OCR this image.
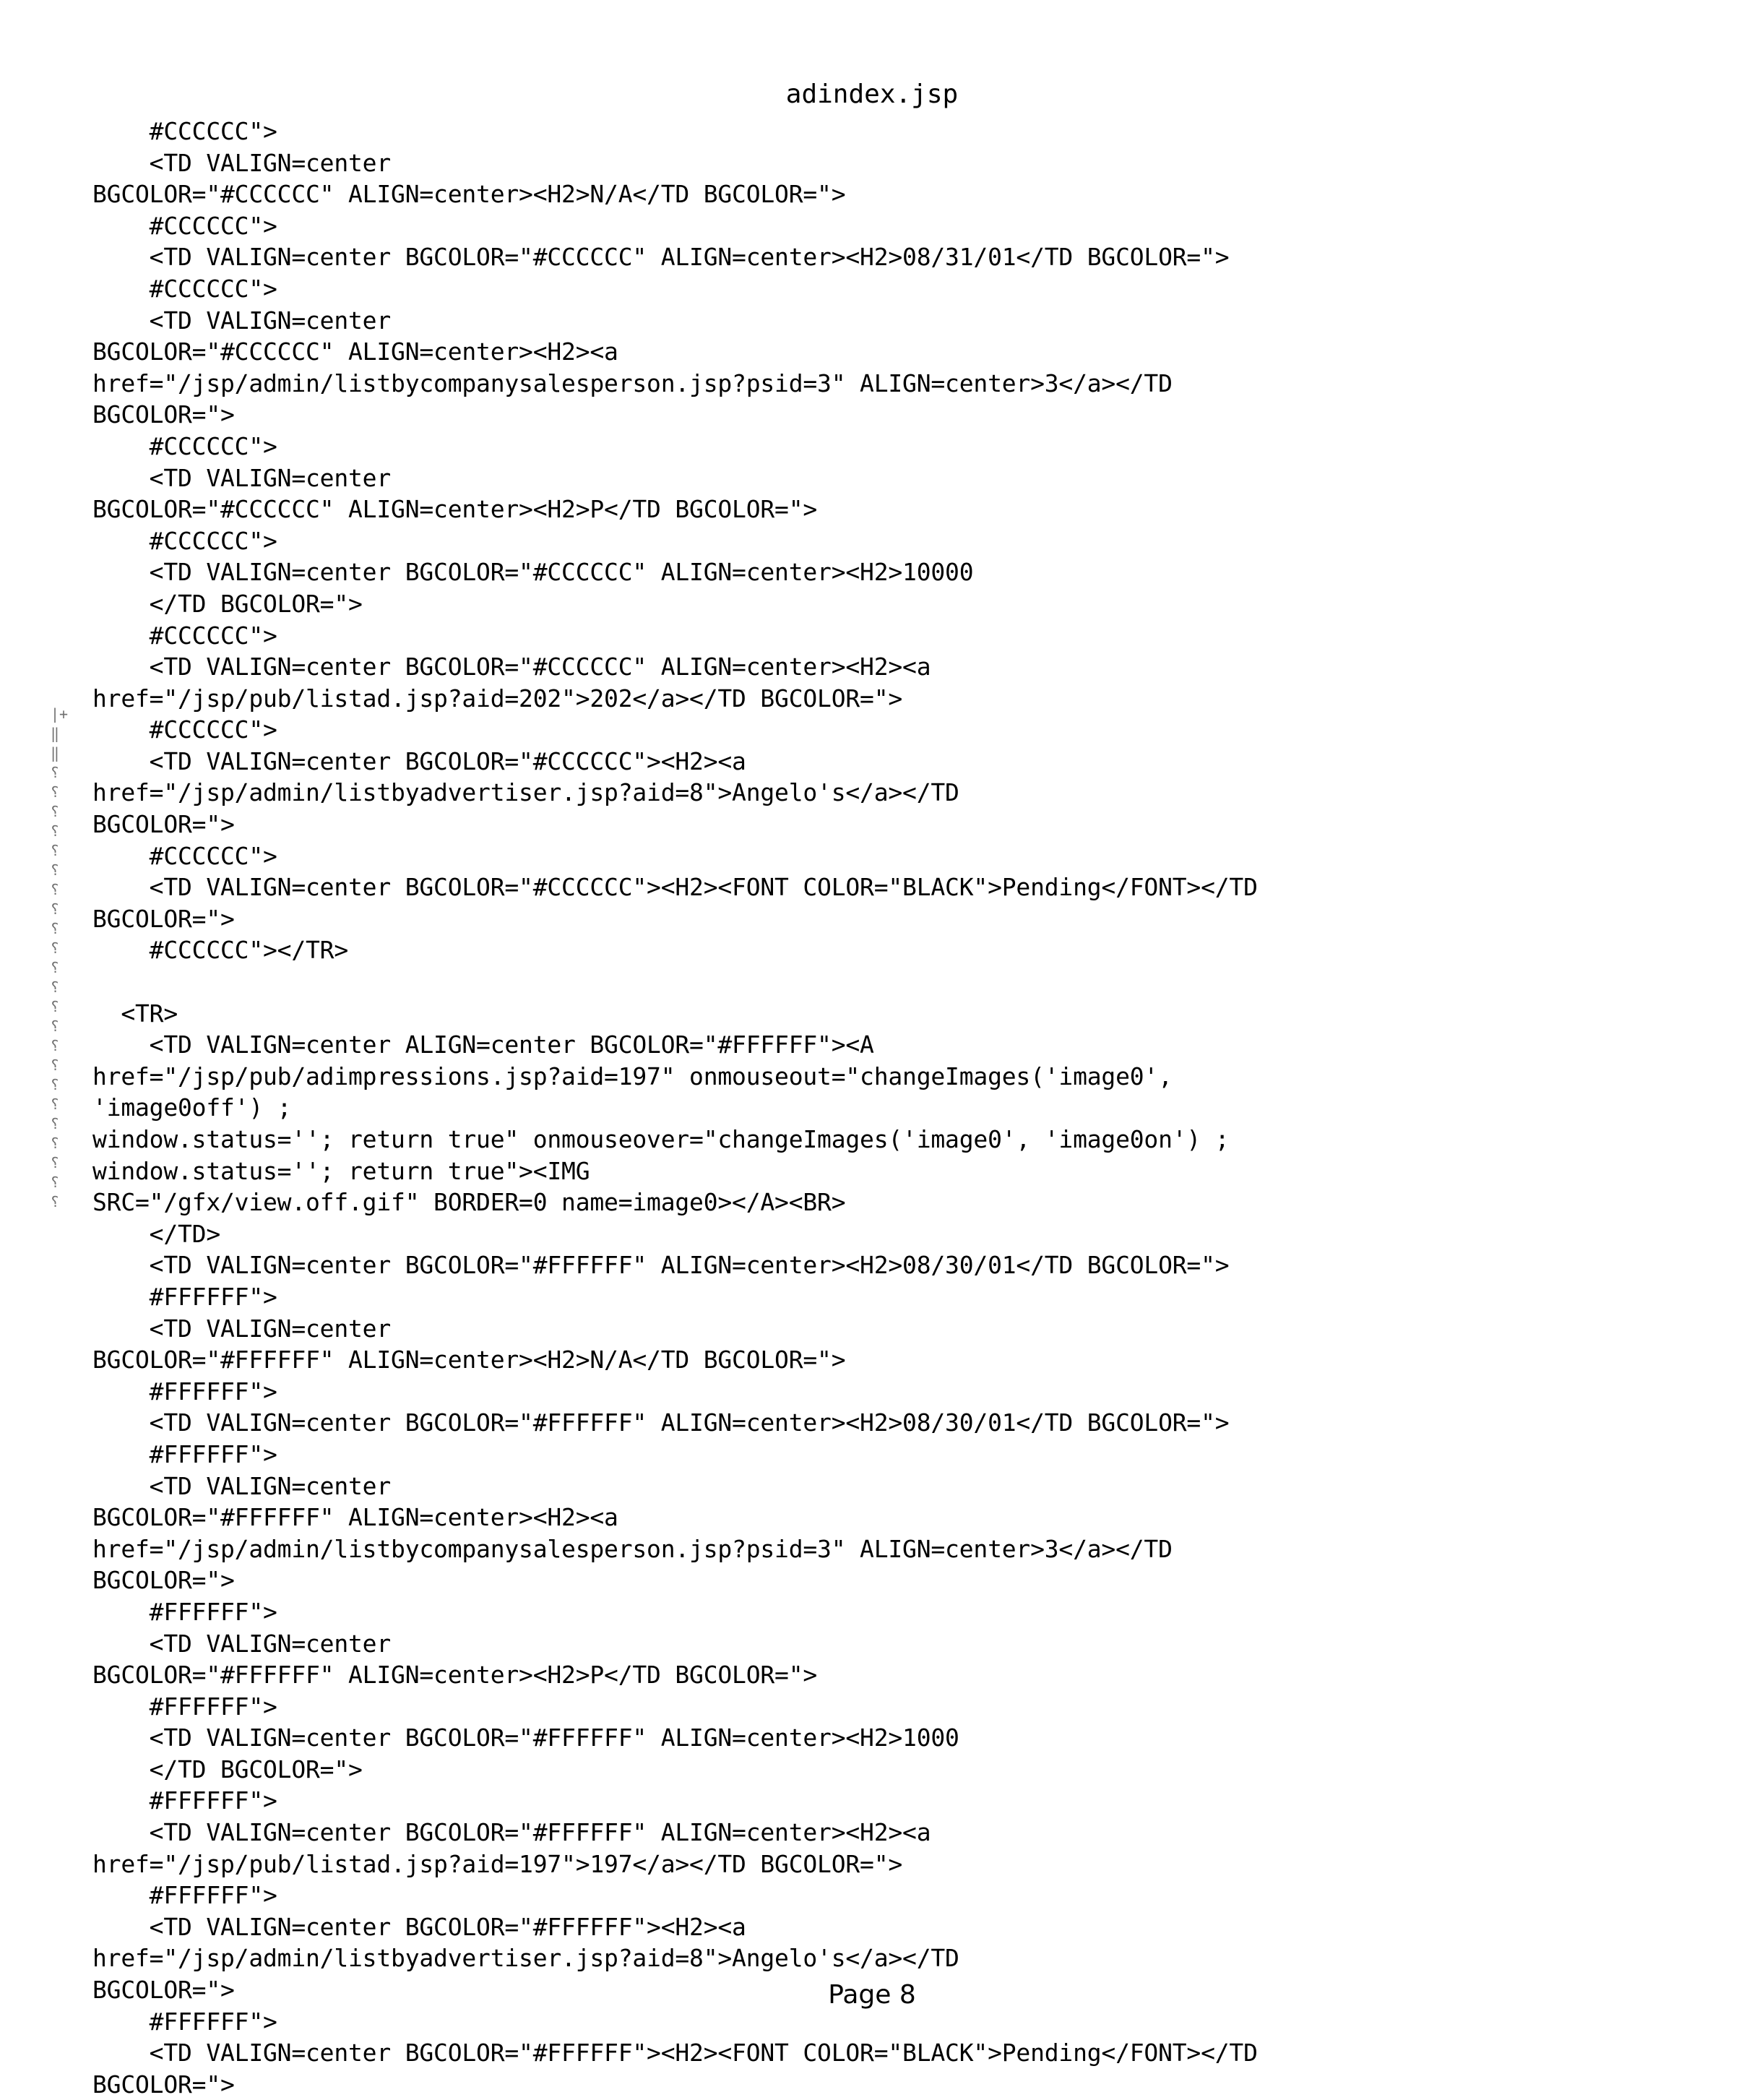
adindex.jsp
|+
‖
‖
⸮
⸮
⸮
⸮
⸮
⸮
⸮
⸮
⸮
⸮
⸮
⸮
⸮
⸮
⸮
⸮
⸮
⸮
⸮
⸮
⸮
⸮
⸮
#CCCCCC">
<TD VALIGN=center
BGCOLOR="#CCCCCC" ALIGN=center><H2>N/A</TD BGCOLOR=">
#CCCCCC">
<TD VALIGN=center BGCOLOR="#CCCCCC" ALIGN=center><H2>08/31/01</TD BGCOLOR=">
#CCCCCC">
<TD VALIGN=center
BGCOLOR="#CCCCCC" ALIGN=center><H2><a
href="/jsp/admin/listbycompanysalesperson.jsp?psid=3" ALIGN=center>3</a></TD
BGCOLOR=">
#CCCCCC">
<TD VALIGN=center
BGCOLOR="#CCCCCC" ALIGN=center><H2>P</TD BGCOLOR=">
#CCCCCC">
<TD VALIGN=center BGCOLOR="#CCCCCC" ALIGN=center><H2>10000
</TD BGCOLOR=">
#CCCCCC">
<TD VALIGN=center BGCOLOR="#CCCCCC" ALIGN=center><H2><a
href="/jsp/pub/listad.jsp?aid=202">202</a></TD BGCOLOR=">
#CCCCCC">
<TD VALIGN=center BGCOLOR="#CCCCCC"><H2><a
href="/jsp/admin/listbyadvertiser.jsp?aid=8">Angelo's</a></TD
BGCOLOR=">
#CCCCCC">
<TD VALIGN=center BGCOLOR="#CCCCCC"><H2><FONT COLOR="BLACK">Pending</FONT></TD
BGCOLOR=">
#CCCCCC"></TR>
<TR>
<TD VALIGN=center ALIGN=center BGCOLOR="#FFFFFF"><A
href="/jsp/pub/adimpressions.jsp?aid=197" onmouseout="changeImages('image0',
'image0off') ;
window.status=''; return true" onmouseover="changeImages('image0', 'image0on') ;
window.status=''; return true"><IMG
SRC="/gfx/view.off.gif" BORDER=0 name=image0></A><BR>
</TD>
<TD VALIGN=center BGCOLOR="#FFFFFF" ALIGN=center><H2>08/30/01</TD BGCOLOR=">
#FFFFFF">
<TD VALIGN=center
BGCOLOR="#FFFFFF" ALIGN=center><H2>N/A</TD BGCOLOR=">
#FFFFFF">
<TD VALIGN=center BGCOLOR="#FFFFFF" ALIGN=center><H2>08/30/01</TD BGCOLOR=">
#FFFFFF">
<TD VALIGN=center
BGCOLOR="#FFFFFF" ALIGN=center><H2><a
href="/jsp/admin/listbycompanysalesperson.jsp?psid=3" ALIGN=center>3</a></TD
BGCOLOR=">
#FFFFFF">
<TD VALIGN=center
BGCOLOR="#FFFFFF" ALIGN=center><H2>P</TD BGCOLOR=">
#FFFFFF">
<TD VALIGN=center BGCOLOR="#FFFFFF" ALIGN=center><H2>1000
</TD BGCOLOR=">
#FFFFFF">
<TD VALIGN=center BGCOLOR="#FFFFFF" ALIGN=center><H2><a
href="/jsp/pub/listad.jsp?aid=197">197</a></TD BGCOLOR=">
#FFFFFF">
<TD VALIGN=center BGCOLOR="#FFFFFF"><H2><a
href="/jsp/admin/listbyadvertiser.jsp?aid=8">Angelo's</a></TD
BGCOLOR=">
#FFFFFF">
<TD VALIGN=center BGCOLOR="#FFFFFF"><H2><FONT COLOR="BLACK">Pending</FONT></TD
BGCOLOR=">
Page 8
